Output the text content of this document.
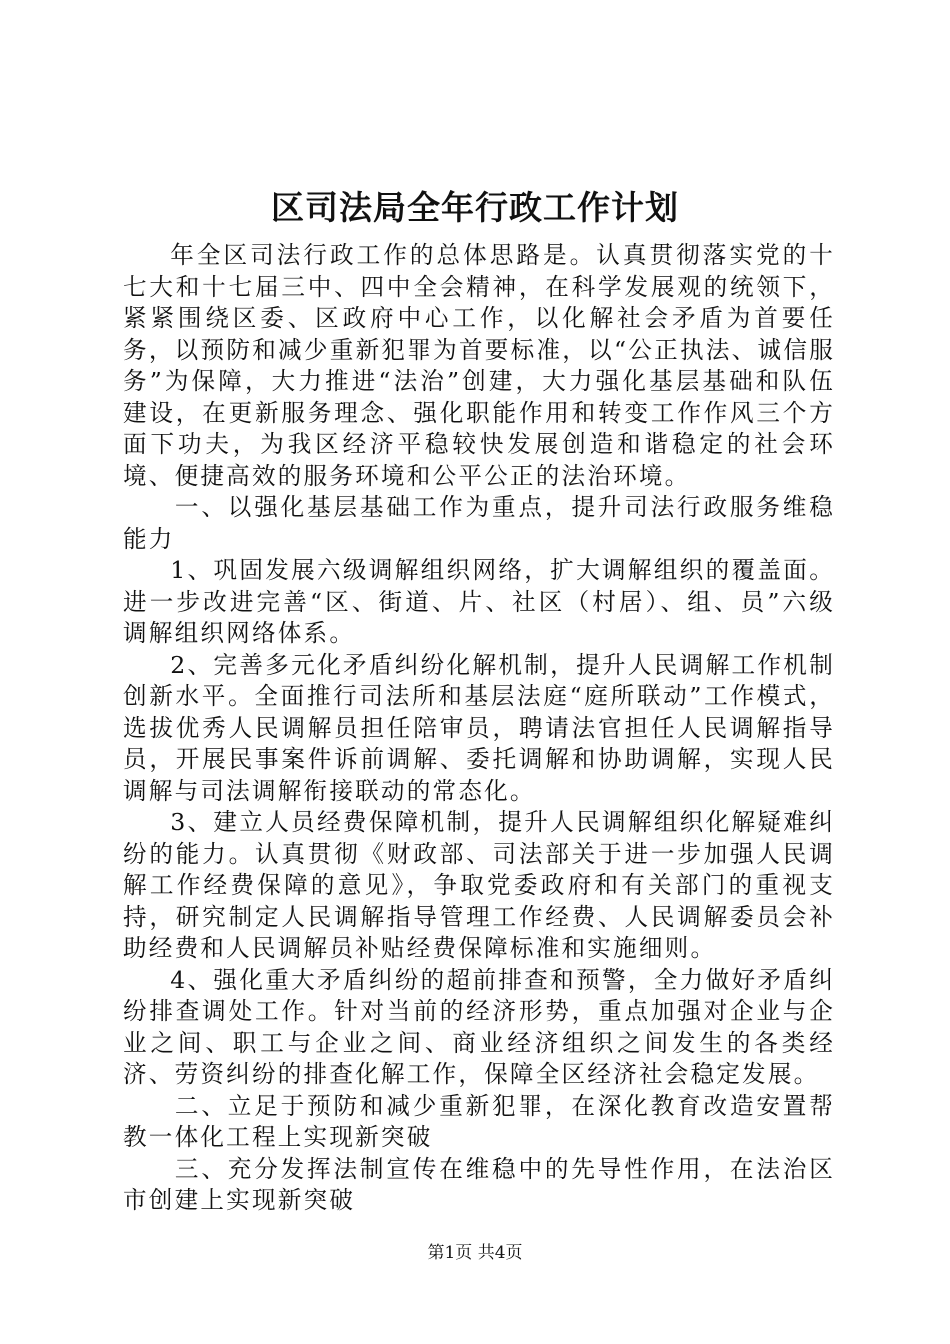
区司法局全年行政工作计划

年全区司法行政工作的总体思路是。认真贯彻落实党的十七大和十七届三中、四中全会精神，在科学发展观的统领下，紧紧围绕区委、区政府中心工作，以化解社会矛盾为首要任务，以预防和减少重新犯罪为首要标准，以“公正执法、诚信服务”为保障，大力推进“法治”创建，大力强化基层基础和队伍建设，在更新服务理念、强化职能作用和转变工作作风三个方面下功夫，为我区经济平稳较快发展创造和谐稳定的社会环境、便捷高效的服务环境和公平公正的法治环境。

一、以强化基层基础工作为重点，提升司法行政服务维稳能力

1、巩固发展六级调解组织网络，扩大调解组织的覆盖面。进一步改进完善“区、街道、片、社区（村居）、组、员”六级调解组织网络体系。

2、完善多元化矛盾纠纷化解机制，提升人民调解工作机制创新水平。全面推行司法所和基层法庭“庭所联动”工作模式，选拔优秀人民调解员担任陪审员，聘请法官担任人民调解指导员，开展民事案件诉前调解、委托调解和协助调解，实现人民调解与司法调解衔接联动的常态化。

3、建立人员经费保障机制，提升人民调解组织化解疑难纠纷的能力。认真贯彻《财政部、司法部关于进一步加强人民调解工作经费保障的意见》，争取党委政府和有关部门的重视支持，研究制定人民调解指导管理工作经费、人民调解委员会补助经费和人民调解员补贴经费保障标准和实施细则。

4、强化重大矛盾纠纷的超前排查和预警，全力做好矛盾纠纷排查调处工作。针对当前的经济形势，重点加强对企业与企业之间、职工与企业之间、商业经济组织之间发生的各类经济、劳资纠纷的排查化解工作，保障全区经济社会稳定发展。

二、立足于预防和减少重新犯罪，在深化教育改造安置帮教一体化工程上实现新突破

三、充分发挥法制宣传在维稳中的先导性作用，在法治区市创建上实现新突破

第1页 共4页
